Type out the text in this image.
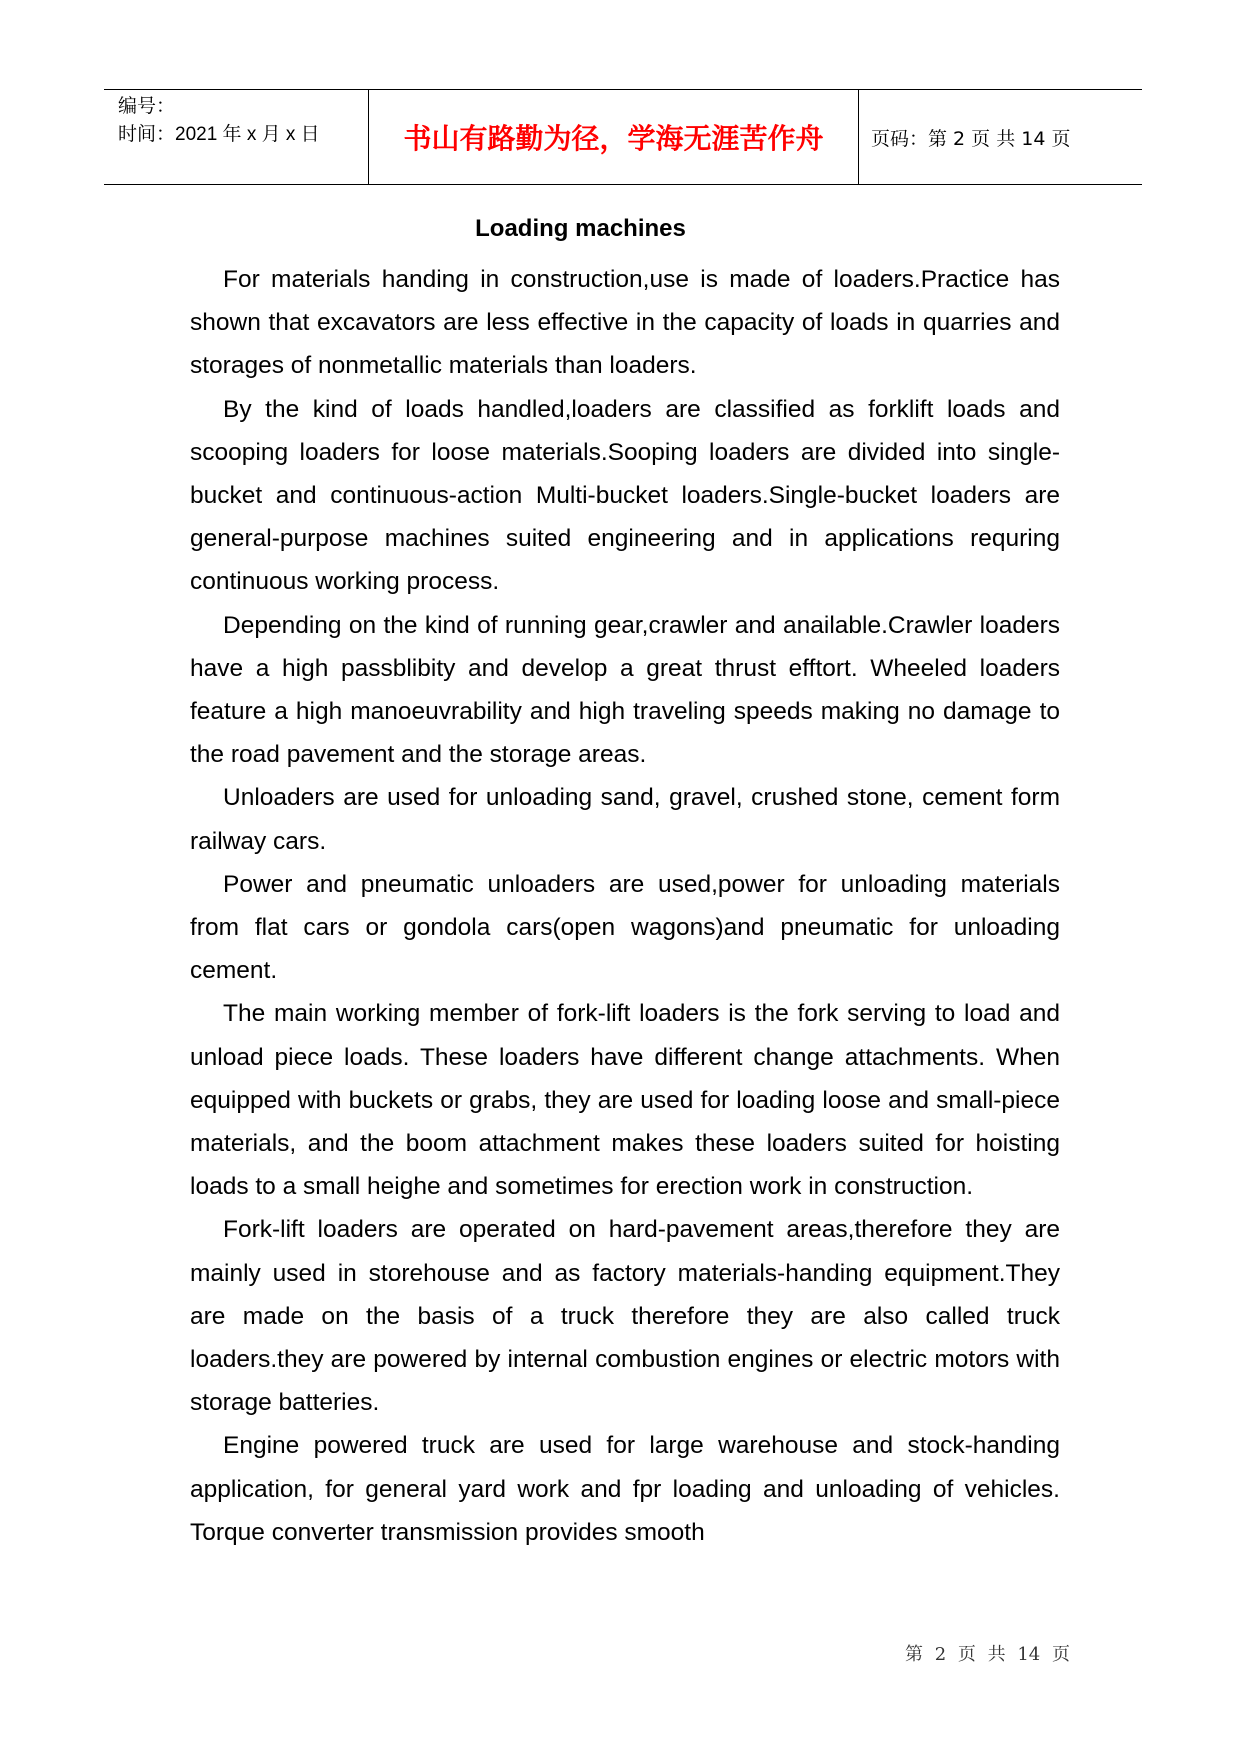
编号：
时间：2021 年 x 月 x 日	书山有路勤为径，学海无涯苦作舟	页码：第 2 页 共 14 页
Loading machines

For materials handing in construction,use is made of loaders.Practice has shown that excavators are less effective in the capacity of loads in quarries and storages of nonmetallic materials than loaders.

By the kind of loads handled,loaders are classified as forklift loads and scooping loaders for loose materials.Sooping loaders are divided into single-bucket and continuous-action Multi-bucket loaders.Single-bucket loaders are general-purpose machines suited engineering and in applications requring continuous working process.

Depending on the kind of running gear,crawler and anailable.Crawler loaders have a high passblibity and develop a great thrust efftort. Wheeled loaders feature a high manoeuvrability and high traveling speeds making no damage to the road pavement and the storage areas.

Unloaders are used for unloading sand, gravel, crushed stone, cement form railway cars.

Power and pneumatic unloaders are used,power for unloading materials from flat cars or gondola cars(open wagons)and pneumatic for unloading cement.

The main working member of fork-lift loaders is the fork serving to load and unload piece loads. These loaders have different change attachments. When equipped with buckets or grabs, they are used for loading loose and small-piece materials, and the boom attachment makes these loaders suited for hoisting loads to a small heighe and sometimes for erection work in construction.

Fork-lift loaders are operated on hard-pavement areas,therefore they are mainly used in storehouse and as factory materials-handing equipment.They are made on the basis of a truck therefore they are also called truck loaders.they are powered by internal combustion engines or electric motors with storage batteries.

Engine powered truck are used for large warehouse and stock-handing application, for general yard work and fpr loading and unloading of vehicles. Torque converter transmission provides smooth

第 2 页 共 14 页
